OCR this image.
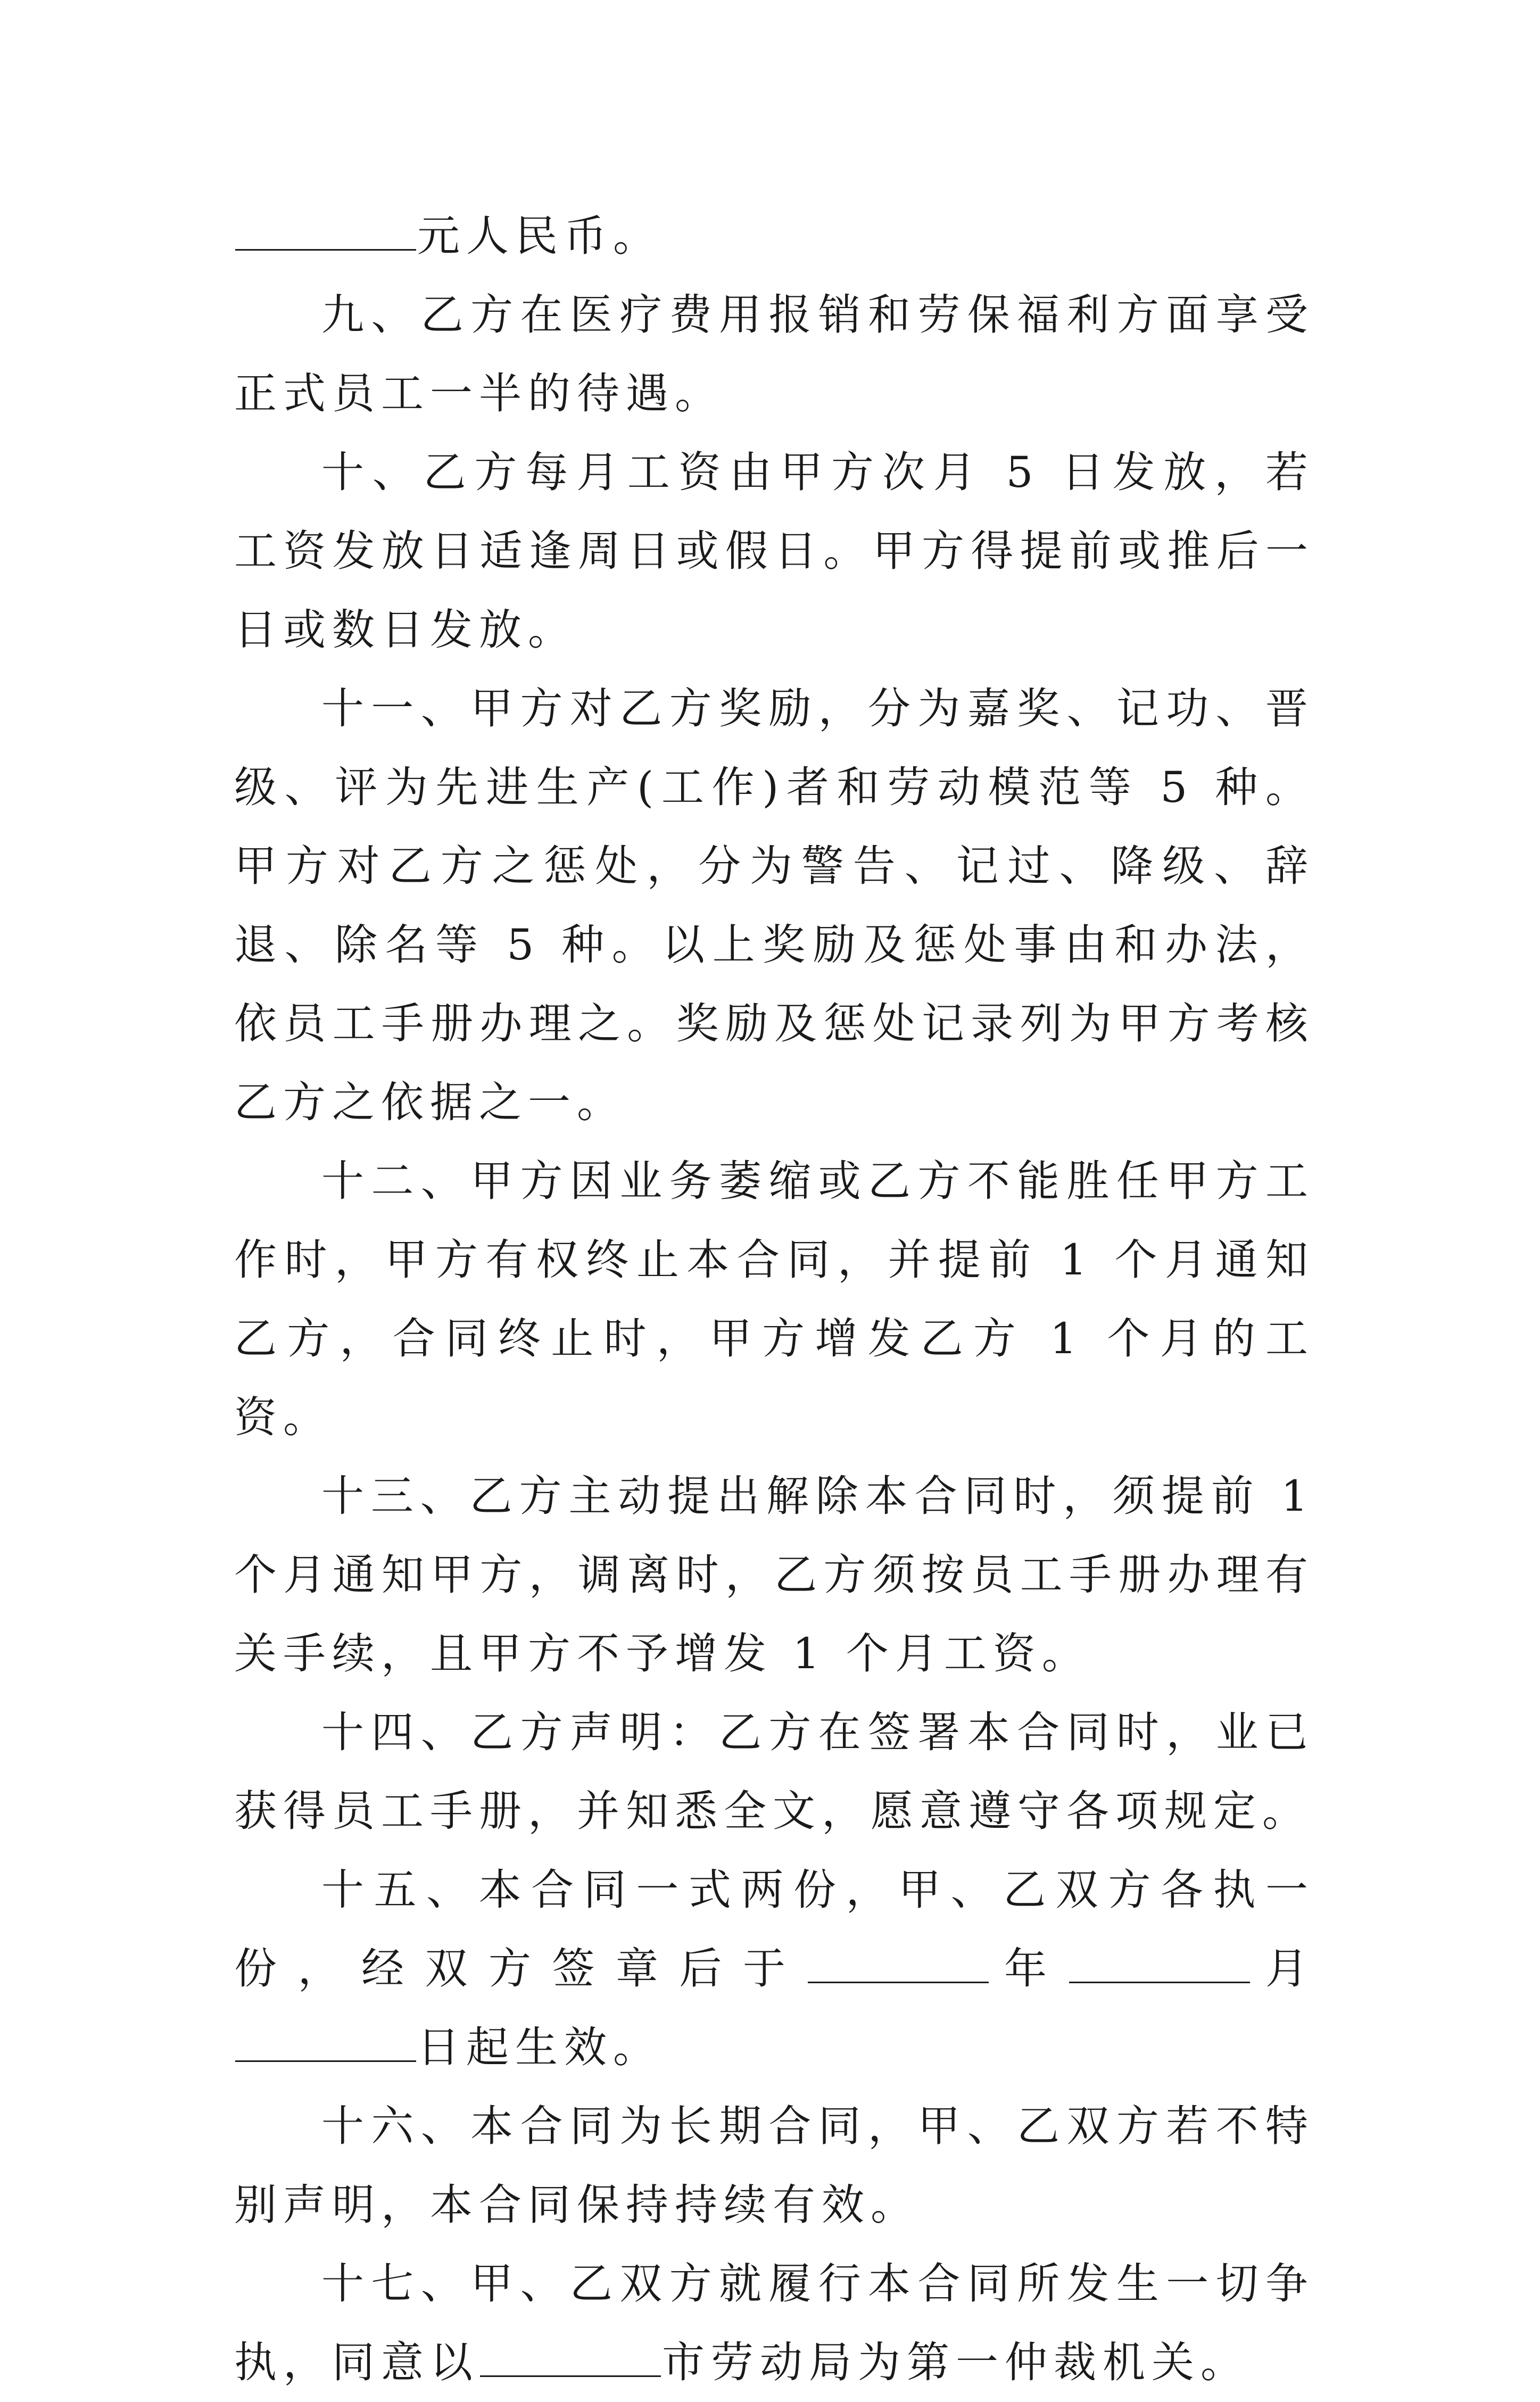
元人民币。

九、乙方在医疗费用报销和劳保福利方面享受正式员工一半的待遇。

十、乙方每月工资由甲方次月 5 日发放，若工资发放日适逢周日或假日。甲方得提前或推后一日或数日发放。

十一、甲方对乙方奖励，分为嘉奖、记功、晋级、评为先进生产(工作)者和劳动模范等 5 种。甲方对乙方之惩处，分为警告、记过、降级、辞退、除名等 5 种。以上奖励及惩处事由和办法，依员工手册办理之。奖励及惩处记录列为甲方考核乙方之依据之一。

十二、甲方因业务萎缩或乙方不能胜任甲方工作时，甲方有权终止本合同，并提前 1 个月通知乙方，合同终止时，甲方增发乙方 1 个月的工资。

十三、乙方主动提出解除本合同时，须提前 1 个月通知甲方，调离时，乙方须按员工手册办理有关手续，且甲方不予增发 1 个月工资。

十四、乙方声明：乙方在签署本合同时，业已获得员工手册，并知悉全文，愿意遵守各项规定。

十五、本合同一式两份，甲、乙双方各执一份，经双方签章后于	年	月日起生效。

十六、本合同为长期合同，甲、乙双方若不特别声明，本合同保持持续有效。

十七、甲、乙双方就履行本合同所发生一切争执，同意以	市劳动局为第一仲裁机关。
